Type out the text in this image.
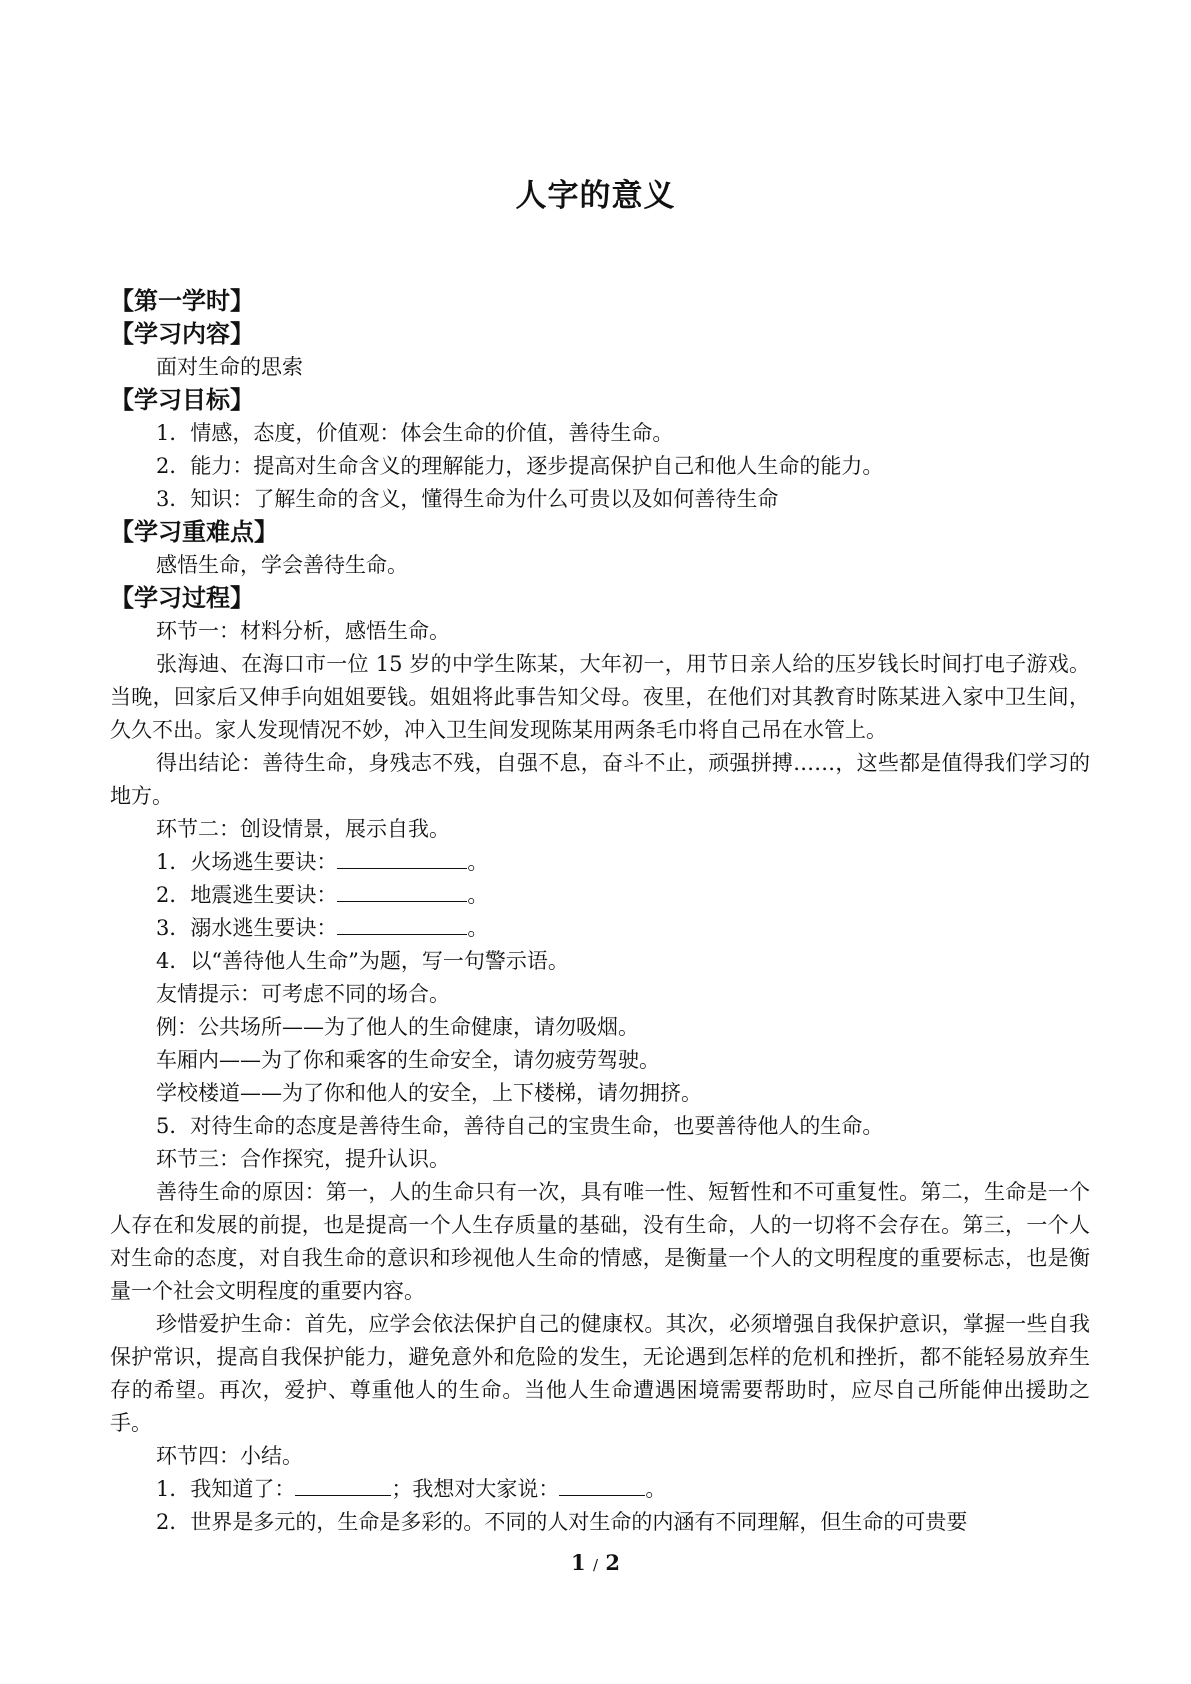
人字的意义
【第一学时】
【学习内容】

面对生命的思索

【学习目标】

1．情感，态度，价值观：体会生命的价值，善待生命。

2．能力：提高对生命含义的理解能力，逐步提高保护自己和他人生命的能力。

3．知识：了解生命的含义，懂得生命为什么可贵以及如何善待生命

【学习重难点】

感悟生命，学会善待生命。

【学习过程】

环节一：材料分析，感悟生命。

张海迪、在海口市一位 15 岁的中学生陈某，大年初一，用节日亲人给的压岁钱长时间打电子游戏。当晚，回家后又伸手向姐姐要钱。姐姐将此事告知父母。夜里，在他们对其教育时陈某进入家中卫生间，久久不出。家人发现情况不妙，冲入卫生间发现陈某用两条毛巾将自己吊在水管上。

得出结论：善待生命，身残志不残，自强不息，奋斗不止，顽强拼搏……，这些都是值得我们学习的地方。

环节二：创设情景，展示自我。

1．火场逃生要诀：	。

2．地震逃生要诀：	。

3．溺水逃生要诀：	。

4．以“善待他人生命”为题，写一句警示语。

友情提示：可考虑不同的场合。

例：公共场所——为了他人的生命健康，请勿吸烟。

车厢内——为了你和乘客的生命安全，请勿疲劳驾驶。

学校楼道——为了你和他人的安全，上下楼梯，请勿拥挤。

5．对待生命的态度是善待生命，善待自己的宝贵生命，也要善待他人的生命。

环节三：合作探究，提升认识。

善待生命的原因：第一，人的生命只有一次，具有唯一性、短暂性和不可重复性。第二，生命是一个人存在和发展的前提，也是提高一个人生存质量的基础，没有生命，人的一切将不会存在。第三，一个人对生命的态度，对自我生命的意识和珍视他人生命的情感，是衡量一个人的文明程度的重要标志，也是衡量一个社会文明程度的重要内容。

珍惜爱护生命：首先，应学会依法保护自己的健康权。其次，必须增强自我保护意识，掌握一些自我保护常识，提高自我保护能力，避免意外和危险的发生，无论遇到怎样的危机和挫折，都不能轻易放弃生存的希望。再次，爱护、尊重他人的生命。当他人生命遭遇困境需要帮助时，应尽自己所能伸出援助之手。

环节四：小结。

1．我知道了：	；我想对大家说：	。

2．世界是多元的，生命是多彩的。不同的人对生命的内涵有不同理解，但生命的可贵要

1 / 2
